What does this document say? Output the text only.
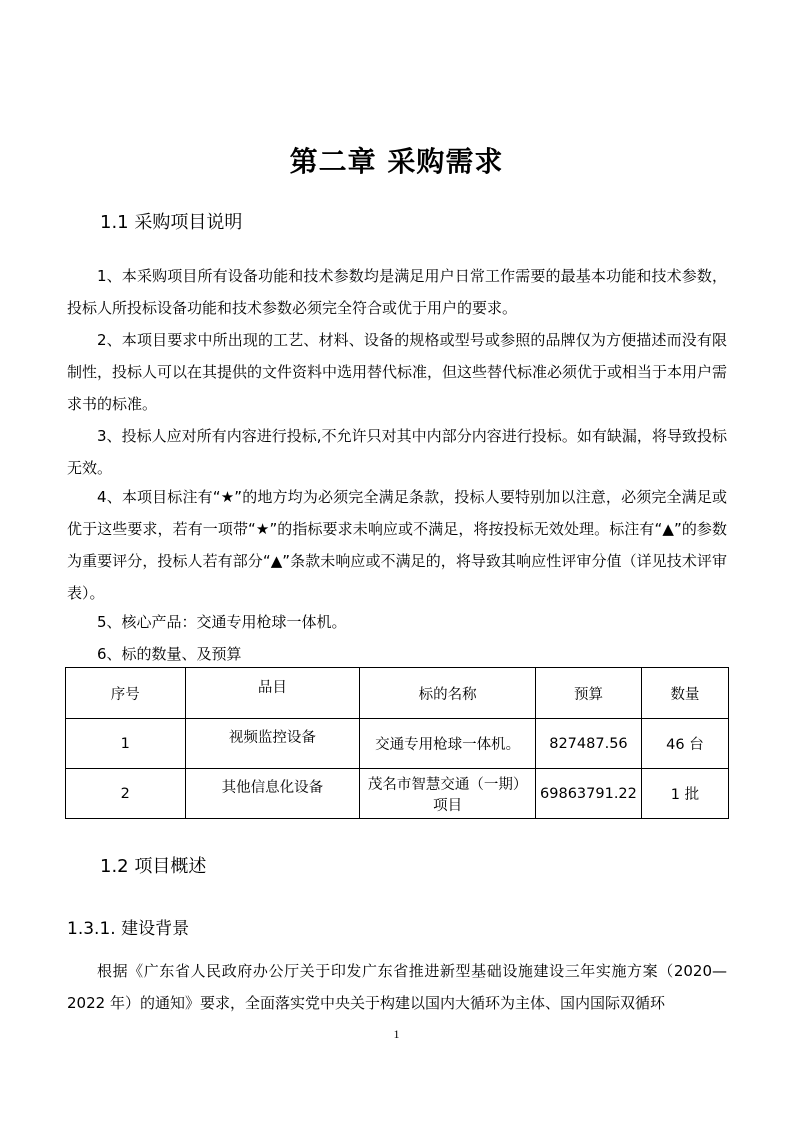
第二章 采购需求
1.1 采购项目说明

1、本采购项目所有设备功能和技术参数均是满足用户日常工作需要的最基本功能和技术参数，投标人所投标设备功能和技术参数必须完全符合或优于用户的要求。

2、本项目要求中所出现的工艺、材料、设备的规格或型号或参照的品牌仅为方便描述而没有限制性，投标人可以在其提供的文件资料中选用替代标准，但这些替代标准必须优于或相当于本用户需求书的标准。

3、投标人应对所有内容进行投标,不允许只对其中内部分内容进行投标。如有缺漏，将导致投标无效。

4、本项目标注有“★”的地方均为必须完全满足条款，投标人要特别加以注意，必须完全满足或优于这些要求，若有一项带“★”的指标要求未响应或不满足，将按投标无效处理。标注有“▲”的参数为重要评分，投标人若有部分“▲”条款未响应或不满足的，将导致其响应性评审分值（详见技术评审表）。

5、核心产品：交通专用枪球一体机。
6、标的数量、及预算
序号	品目	标的名称	预算	数量
1	视频监控设备	交通专用枪球一体机。	827487.56	46 台
2	其他信息化设备	茂名市智慧交通（一期）项目	69863791.22	1 批
1.2 项目概述
1.3.1. 建设背景

根据《广东省人民政府办公厅关于印发广东省推进新型基础设施建设三年实施方案（2020—2022 年）的通知》要求，全面落实党中央关于构建以国内大循环为主体、国内国际双循环

1
